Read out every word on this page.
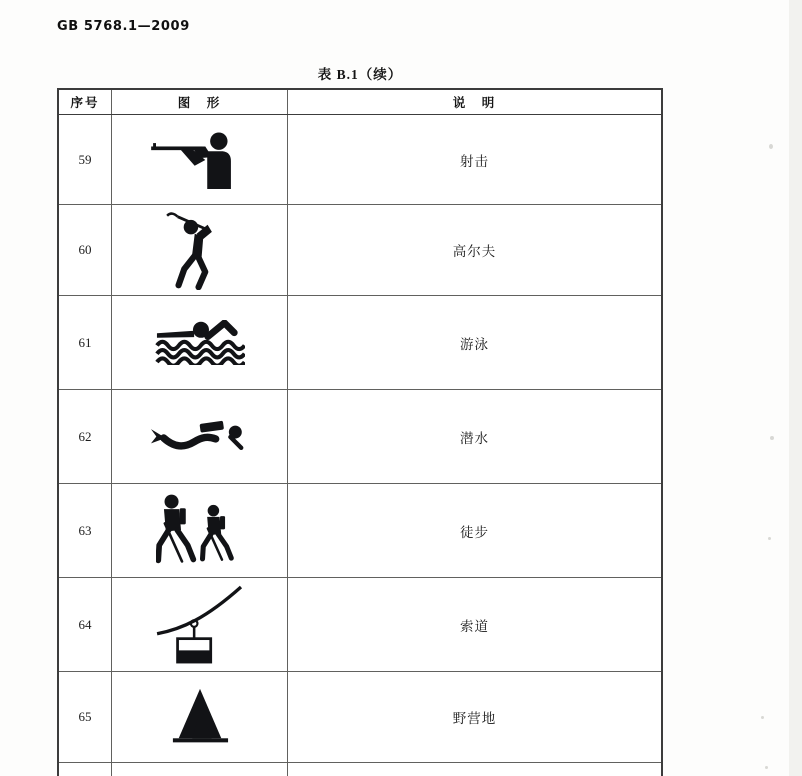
GB 5768.1—2009
表 B.1（续）
序号	图　形	说　明
59	射击
60	高尔夫
61	游泳
62	潜水
63	徒步
64	索道
65	野营地
